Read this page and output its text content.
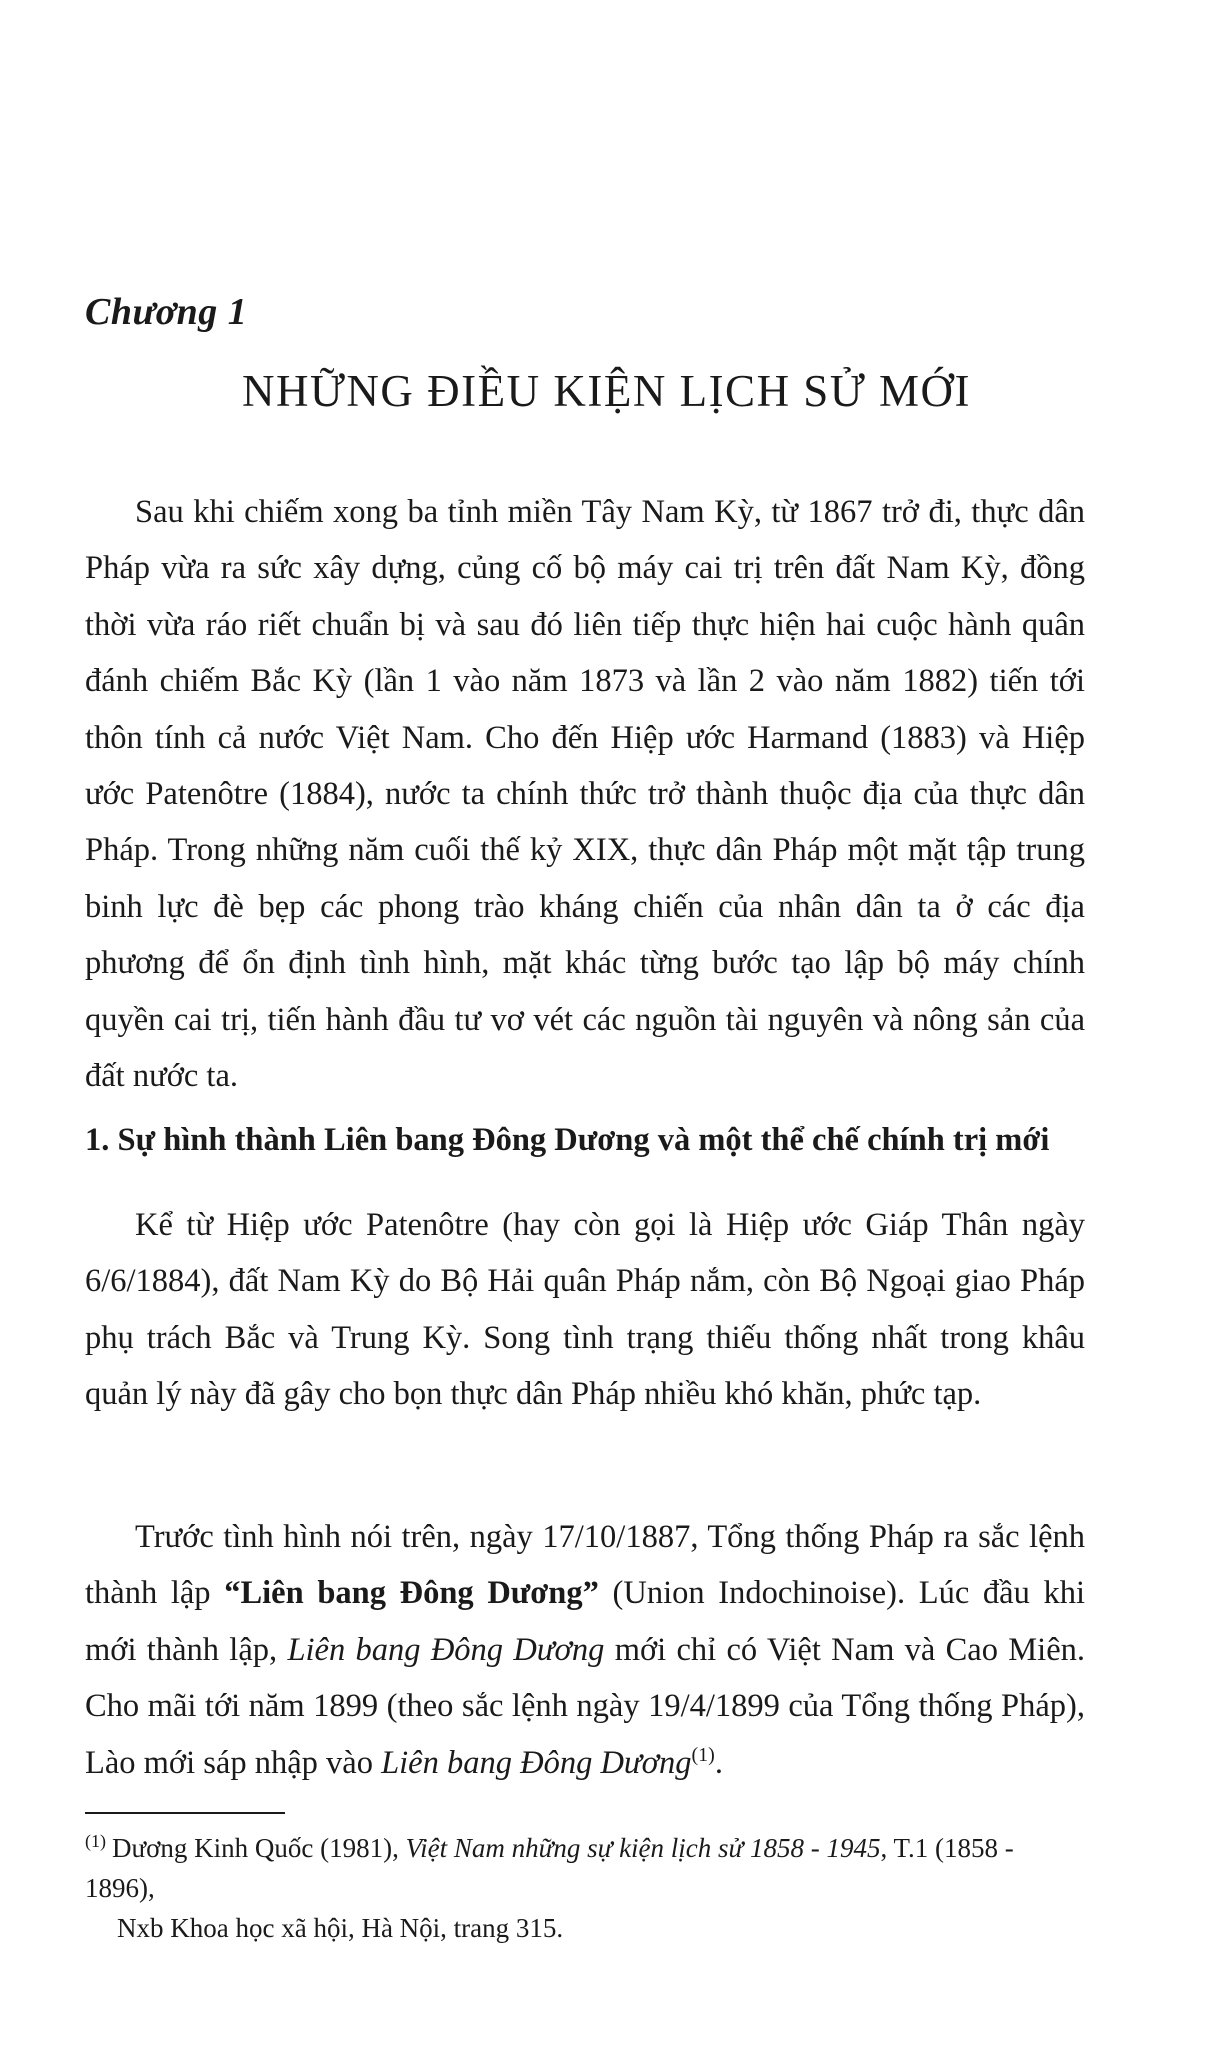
Chương 1
NHỮNG ĐIỀU KIỆN LỊCH SỬ MỚI

Sau khi chiếm xong ba tỉnh miền Tây Nam Kỳ, từ 1867 trở đi, thực dân Pháp vừa ra sức xây dựng, củng cố bộ máy cai trị trên đất Nam Kỳ, đồng thời vừa ráo riết chuẩn bị và sau đó liên tiếp thực hiện hai cuộc hành quân đánh chiếm Bắc Kỳ (lần 1 vào năm 1873 và lần 2 vào năm 1882) tiến tới thôn tính cả nước Việt Nam. Cho đến Hiệp ước Harmand (1883) và Hiệp ước Patenôtre (1884), nước ta chính thức trở thành thuộc địa của thực dân Pháp. Trong những năm cuối thế kỷ XIX, thực dân Pháp một mặt tập trung binh lực đè bẹp các phong trào kháng chiến của nhân dân ta ở các địa phương để ổn định tình hình, mặt khác từng bước tạo lập bộ máy chính quyền cai trị, tiến hành đầu tư vơ vét các nguồn tài nguyên và nông sản của đất nước ta.

1. Sự hình thành Liên bang Đông Dương và một thể chế chính trị mới

Kể từ Hiệp ước Patenôtre (hay còn gọi là Hiệp ước Giáp Thân ngày 6/6/1884), đất Nam Kỳ do Bộ Hải quân Pháp nắm, còn Bộ Ngoại giao Pháp phụ trách Bắc và Trung Kỳ. Song tình trạng thiếu thống nhất trong khâu quản lý này đã gây cho bọn thực dân Pháp nhiều khó khăn, phức tạp.

Trước tình hình nói trên, ngày 17/10/1887, Tổng thống Pháp ra sắc lệnh thành lập “Liên bang Đông Dương” (Union Indochinoise). Lúc đầu khi mới thành lập, Liên bang Đông Dương mới chỉ có Việt Nam và Cao Miên. Cho mãi tới năm 1899 (theo sắc lệnh ngày 19/4/1899 của Tổng thống Pháp), Lào mới sáp nhập vào Liên bang Đông Dương$^{(1)}$.

$^{(1)}$ Dương Kinh Quốc (1981), Việt Nam những sự kiện lịch sử 1858 - 1945, T.1 (1858 - 1896),
Nxb Khoa học xã hội, Hà Nội, trang 315.
